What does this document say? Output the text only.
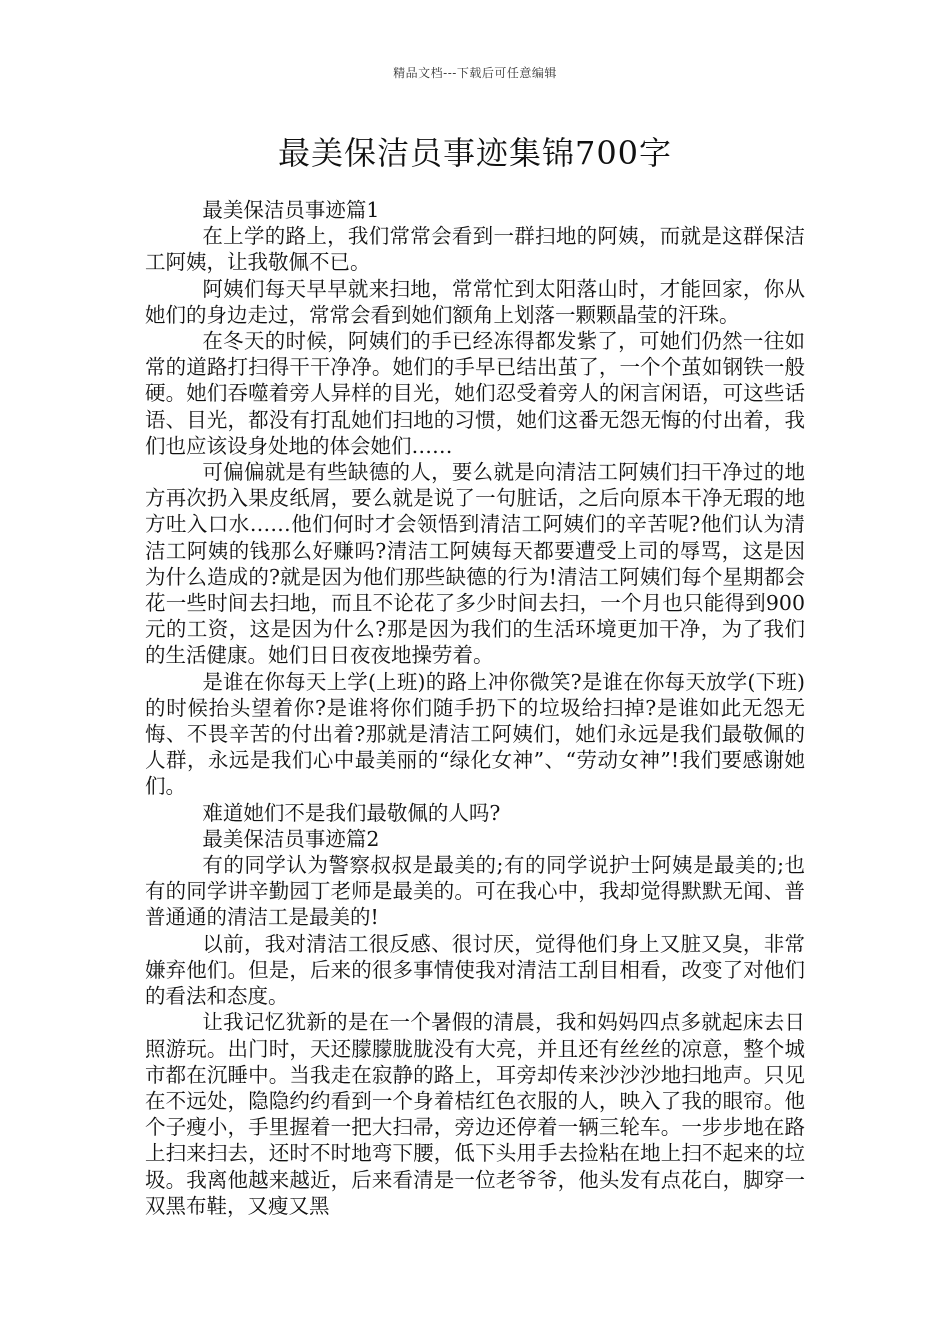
精品文档---下载后可任意编辑
最美保洁员事迹集锦700字

最美保洁员事迹篇1

在上学的路上，我们常常会看到一群扫地的阿姨，而就是这群保洁工阿姨，让我敬佩不已。

阿姨们每天早早就来扫地，常常忙到太阳落山时，才能回家，你从她们的身边走过，常常会看到她们额角上划落一颗颗晶莹的汗珠。

在冬天的时候，阿姨们的手已经冻得都发紫了，可她们仍然一往如常的道路打扫得干干净净。她们的手早已结出茧了，一个个茧如钢铁一般硬。她们吞噬着旁人异样的目光，她们忍受着旁人的闲言闲语，可这些话语、目光，都没有打乱她们扫地的习惯，她们这番无怨无悔的付出着，我们也应该设身处地的体会她们……

可偏偏就是有些缺德的人，要么就是向清洁工阿姨们扫干净过的地方再次扔入果皮纸屑，要么就是说了一句脏话，之后向原本干净无瑕的地方吐入口水……他们何时才会领悟到清洁工阿姨们的辛苦呢?他们认为清洁工阿姨的钱那么好赚吗?清洁工阿姨每天都要遭受上司的辱骂，这是因为什么造成的?就是因为他们那些缺德的行为!清洁工阿姨们每个星期都会花一些时间去扫地，而且不论花了多少时间去扫，一个月也只能得到900元的工资，这是因为什么?那是因为我们的生活环境更加干净，为了我们的生活健康。她们日日夜夜地操劳着。

是谁在你每天上学(上班)的路上冲你微笑?是谁在你每天放学(下班)的时候抬头望着你?是谁将你们随手扔下的垃圾给扫掉?是谁如此无怨无悔、不畏辛苦的付出着?那就是清洁工阿姨们，她们永远是我们最敬佩的人群，永远是我们心中最美丽的“绿化女神”、“劳动女神”!我们要感谢她们。

难道她们不是我们最敬佩的人吗?

最美保洁员事迹篇2

有的同学认为警察叔叔是最美的;有的同学说护士阿姨是最美的;也有的同学讲辛勤园丁老师是最美的。可在我心中，我却觉得默默无闻、普普通通的清洁工是最美的!

以前，我对清洁工很反感、很讨厌，觉得他们身上又脏又臭，非常嫌弃他们。但是，后来的很多事情使我对清洁工刮目相看，改变了对他们的看法和态度。

让我记忆犹新的是在一个暑假的清晨，我和妈妈四点多就起床去日照游玩。出门时，天还朦朦胧胧没有大亮，并且还有丝丝的凉意，整个城市都在沉睡中。当我走在寂静的路上，耳旁却传来沙沙沙地扫地声。只见在不远处，隐隐约约看到一个身着桔红色衣服的人，映入了我的眼帘。他个子瘦小，手里握着一把大扫帚，旁边还停着一辆三轮车。一步步地在路上扫来扫去，还时不时地弯下腰，低下头用手去捡粘在地上扫不起来的垃圾。我离他越来越近，后来看清是一位老爷爷，他头发有点花白，脚穿一双黑布鞋，又瘦又黑
